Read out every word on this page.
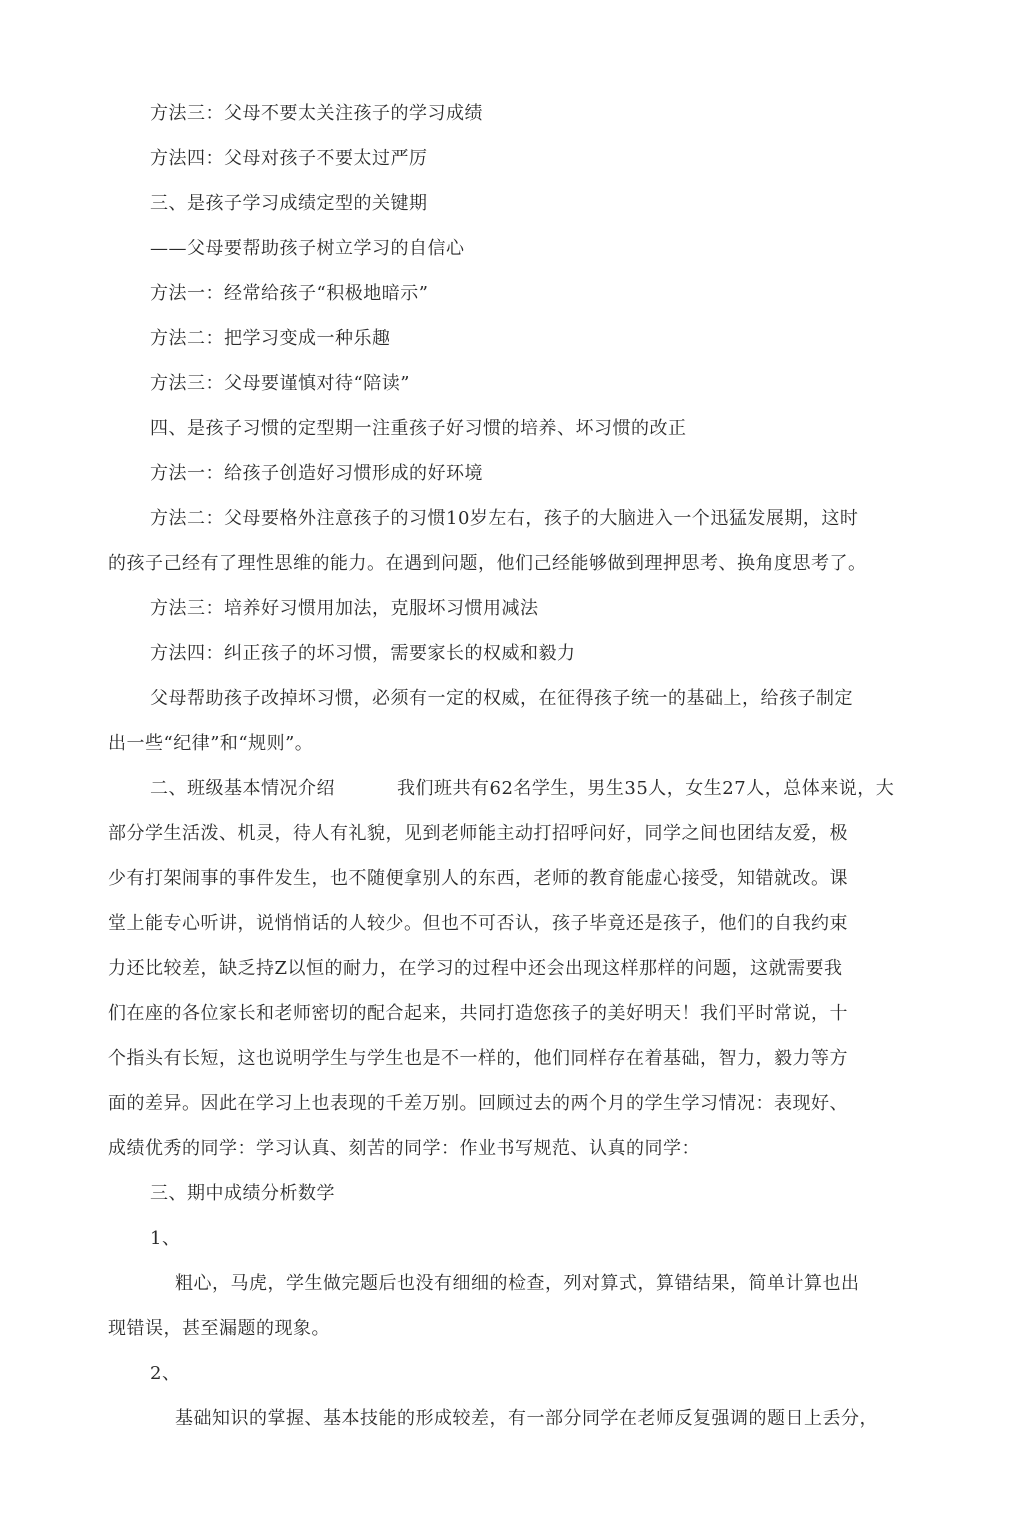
方法三：父母不要太关注孩子的学习成绩
方法四：父母对孩子不要太过严厉
三、是孩子学习成绩定型的关键期
——父母要帮助孩子树立学习的自信心
方法一：经常给孩子“积极地暗示”
方法二：把学习变成一种乐趣
方法三：父母要谨慎对待“陪读”
四、是孩子习惯的定型期一注重孩子好习惯的培养、坏习惯的改正
方法一：给孩子创造好习惯形成的好环境
方法二：父母要格外注意孩子的习惯10岁左右，孩子的大脑进入一个迅猛发展期，这时
的孩子己经有了理性思维的能力。在遇到问题，他们己经能够做到理押思考、换角度思考了。
方法三：培养好习惯用加法，克服坏习惯用减法
方法四：纠正孩子的坏习惯，需要家长的权威和毅力
父母帮助孩子改掉坏习惯，必须有一定的权威，在征得孩子统一的基础上，给孩子制定
出一些“纪律”和“规则”。
二、班级基本情况介绍	我们班共有62名学生，男生35人，女生27人，总体来说，大
部分学生活泼、机灵，待人有礼貌，见到老师能主动打招呼问好，同学之间也团结友爱，极
少有打架闹事的事件发生，也不随便拿别人的东西，老师的教育能虚心接受，知错就改。课
堂上能专心听讲，说悄悄话的人较少。但也不可否认，孩子毕竟还是孩子，他们的自我约束
力还比较差，缺乏持Z以恒的耐力，在学习的过程中还会出现这样那样的问题，这就需要我
们在座的各位家长和老师密切的配合起来，共同打造您孩子的美好明天！我们平时常说，十
个指头有长短，这也说明学生与学生也是不一样的，他们同样存在着基础，智力，毅力等方
面的差异。因此在学习上也表现的千差万别。回顾过去的两个月的学生学习情况：表现好、
成绩优秀的同学：学习认真、刻苦的同学：作业书写规范、认真的同学：
三、期中成绩分析数学
1、
粗心，马虎，学生做完题后也没有细细的检查，列对算式，算错结果，简单计算也出
现错误，甚至漏题的现象。
2、
基础知识的掌握、基本技能的形成较差，有一部分同学在老师反复强调的题日上丢分，
